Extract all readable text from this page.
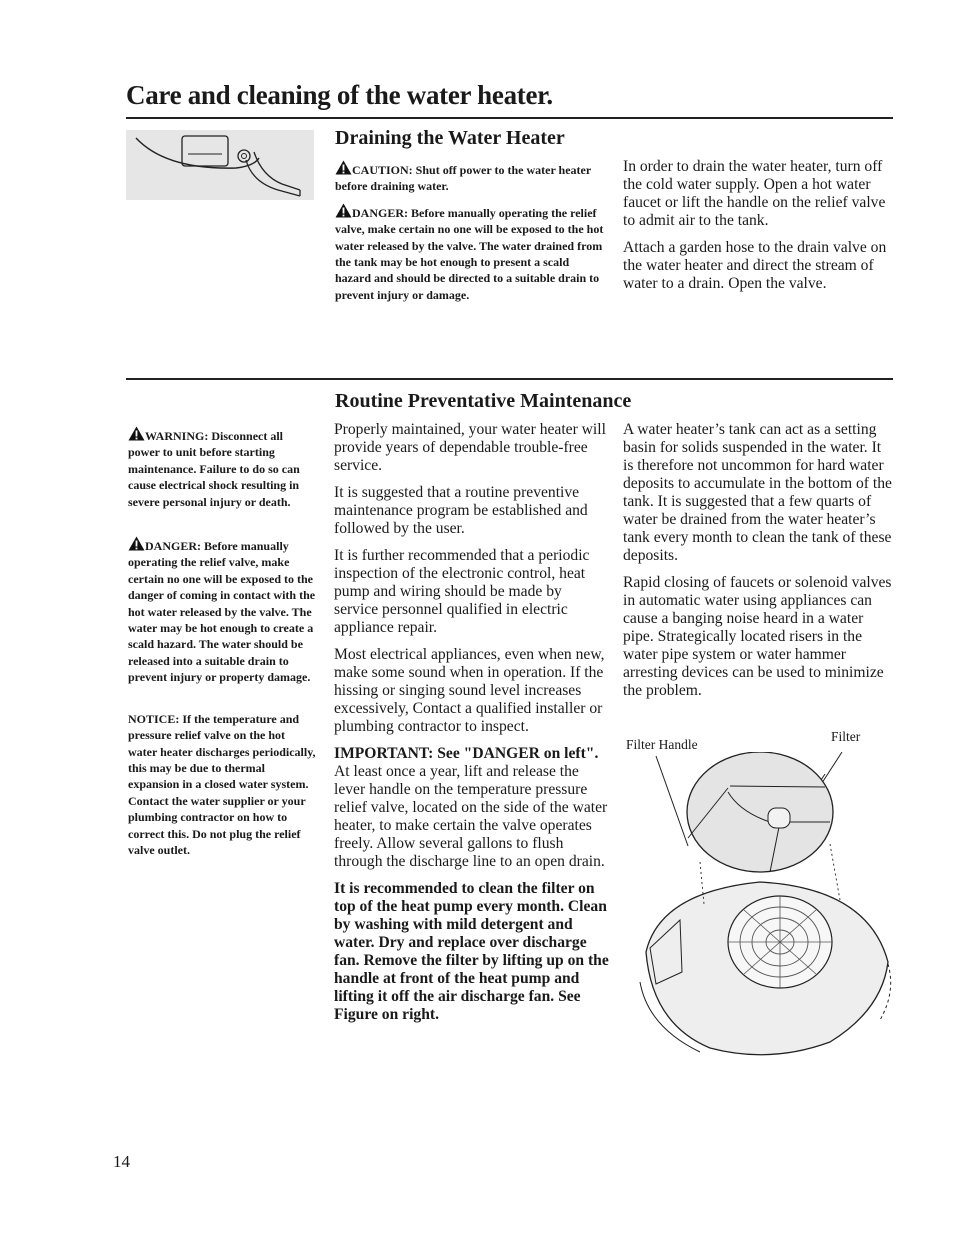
Care and cleaning of the water heater.
Draining the Water Heater

CAUTION: Shut off power to the water heater before draining water.

DANGER: Before manually operating the relief valve, make certain no one will be exposed to the hot water released by the valve. The water drained from the tank may be hot enough to present a scald hazard and should be directed to a suitable drain to prevent injury or damage.

In order to drain the water heater, turn off the cold water supply. Open a hot water faucet or lift the handle on the relief valve to admit air to the tank.

Attach a garden hose to the drain valve on the water heater and direct the stream of water to a drain. Open the valve.

Routine Preventative Maintenance

WARNING: Disconnect all power to unit before starting maintenance. Failure to do so can cause electrical shock resulting in severe personal injury or death.

DANGER: Before manually operating the relief valve, make certain no one will be exposed to the danger of coming in contact with the hot water released by the valve. The water may be hot enough to create a scald hazard. The water should be released into a suitable drain to prevent injury or property damage.

NOTICE: If the temperature and pressure relief valve on the hot water heater discharges periodically, this may be due to thermal expansion in a closed water system. Contact the water supplier or your plumbing contractor on how to correct this. Do not plug the relief valve outlet.

Properly maintained, your water heater will provide years of dependable trouble-free service.

It is suggested that a routine preventive maintenance program be established and followed by the user.

It is further recommended that a periodic inspection of the electronic control, heat pump and wiring should be made by service personnel qualified in electric appliance repair.

Most electrical appliances, even when new, make some sound when in operation. If the hissing or singing sound level increases excessively, Contact a qualified installer or plumbing contractor to inspect.

IMPORTANT: See "DANGER on left". At least once a year, lift and release the lever handle on the temperature pressure relief valve, located on the side of the water heater, to make certain the valve operates freely. Allow several gallons to flush through the discharge line to an open drain.

It is recommended to clean the filter on top of the heat pump every month. Clean by washing with mild detergent and water. Dry and replace over discharge fan. Remove the filter by lifting up on the handle at front of the heat pump and lifting it off the air discharge fan. See Figure on right.

A water heater’s tank can act as a setting basin for solids suspended in the water. It is therefore not uncommon for hard water deposits to accumulate in the bottom of the tank. It is suggested that a few quarts of water be drained from the water heater’s tank every month to clean the tank of these deposits.

Rapid closing of faucets or solenoid valves in automatic water using appliances can cause a banging noise heard in a water pipe. Strategically located risers in the water pipe system or water hammer arresting devices can be used to minimize the problem.

Filter Handle
Filter
14
